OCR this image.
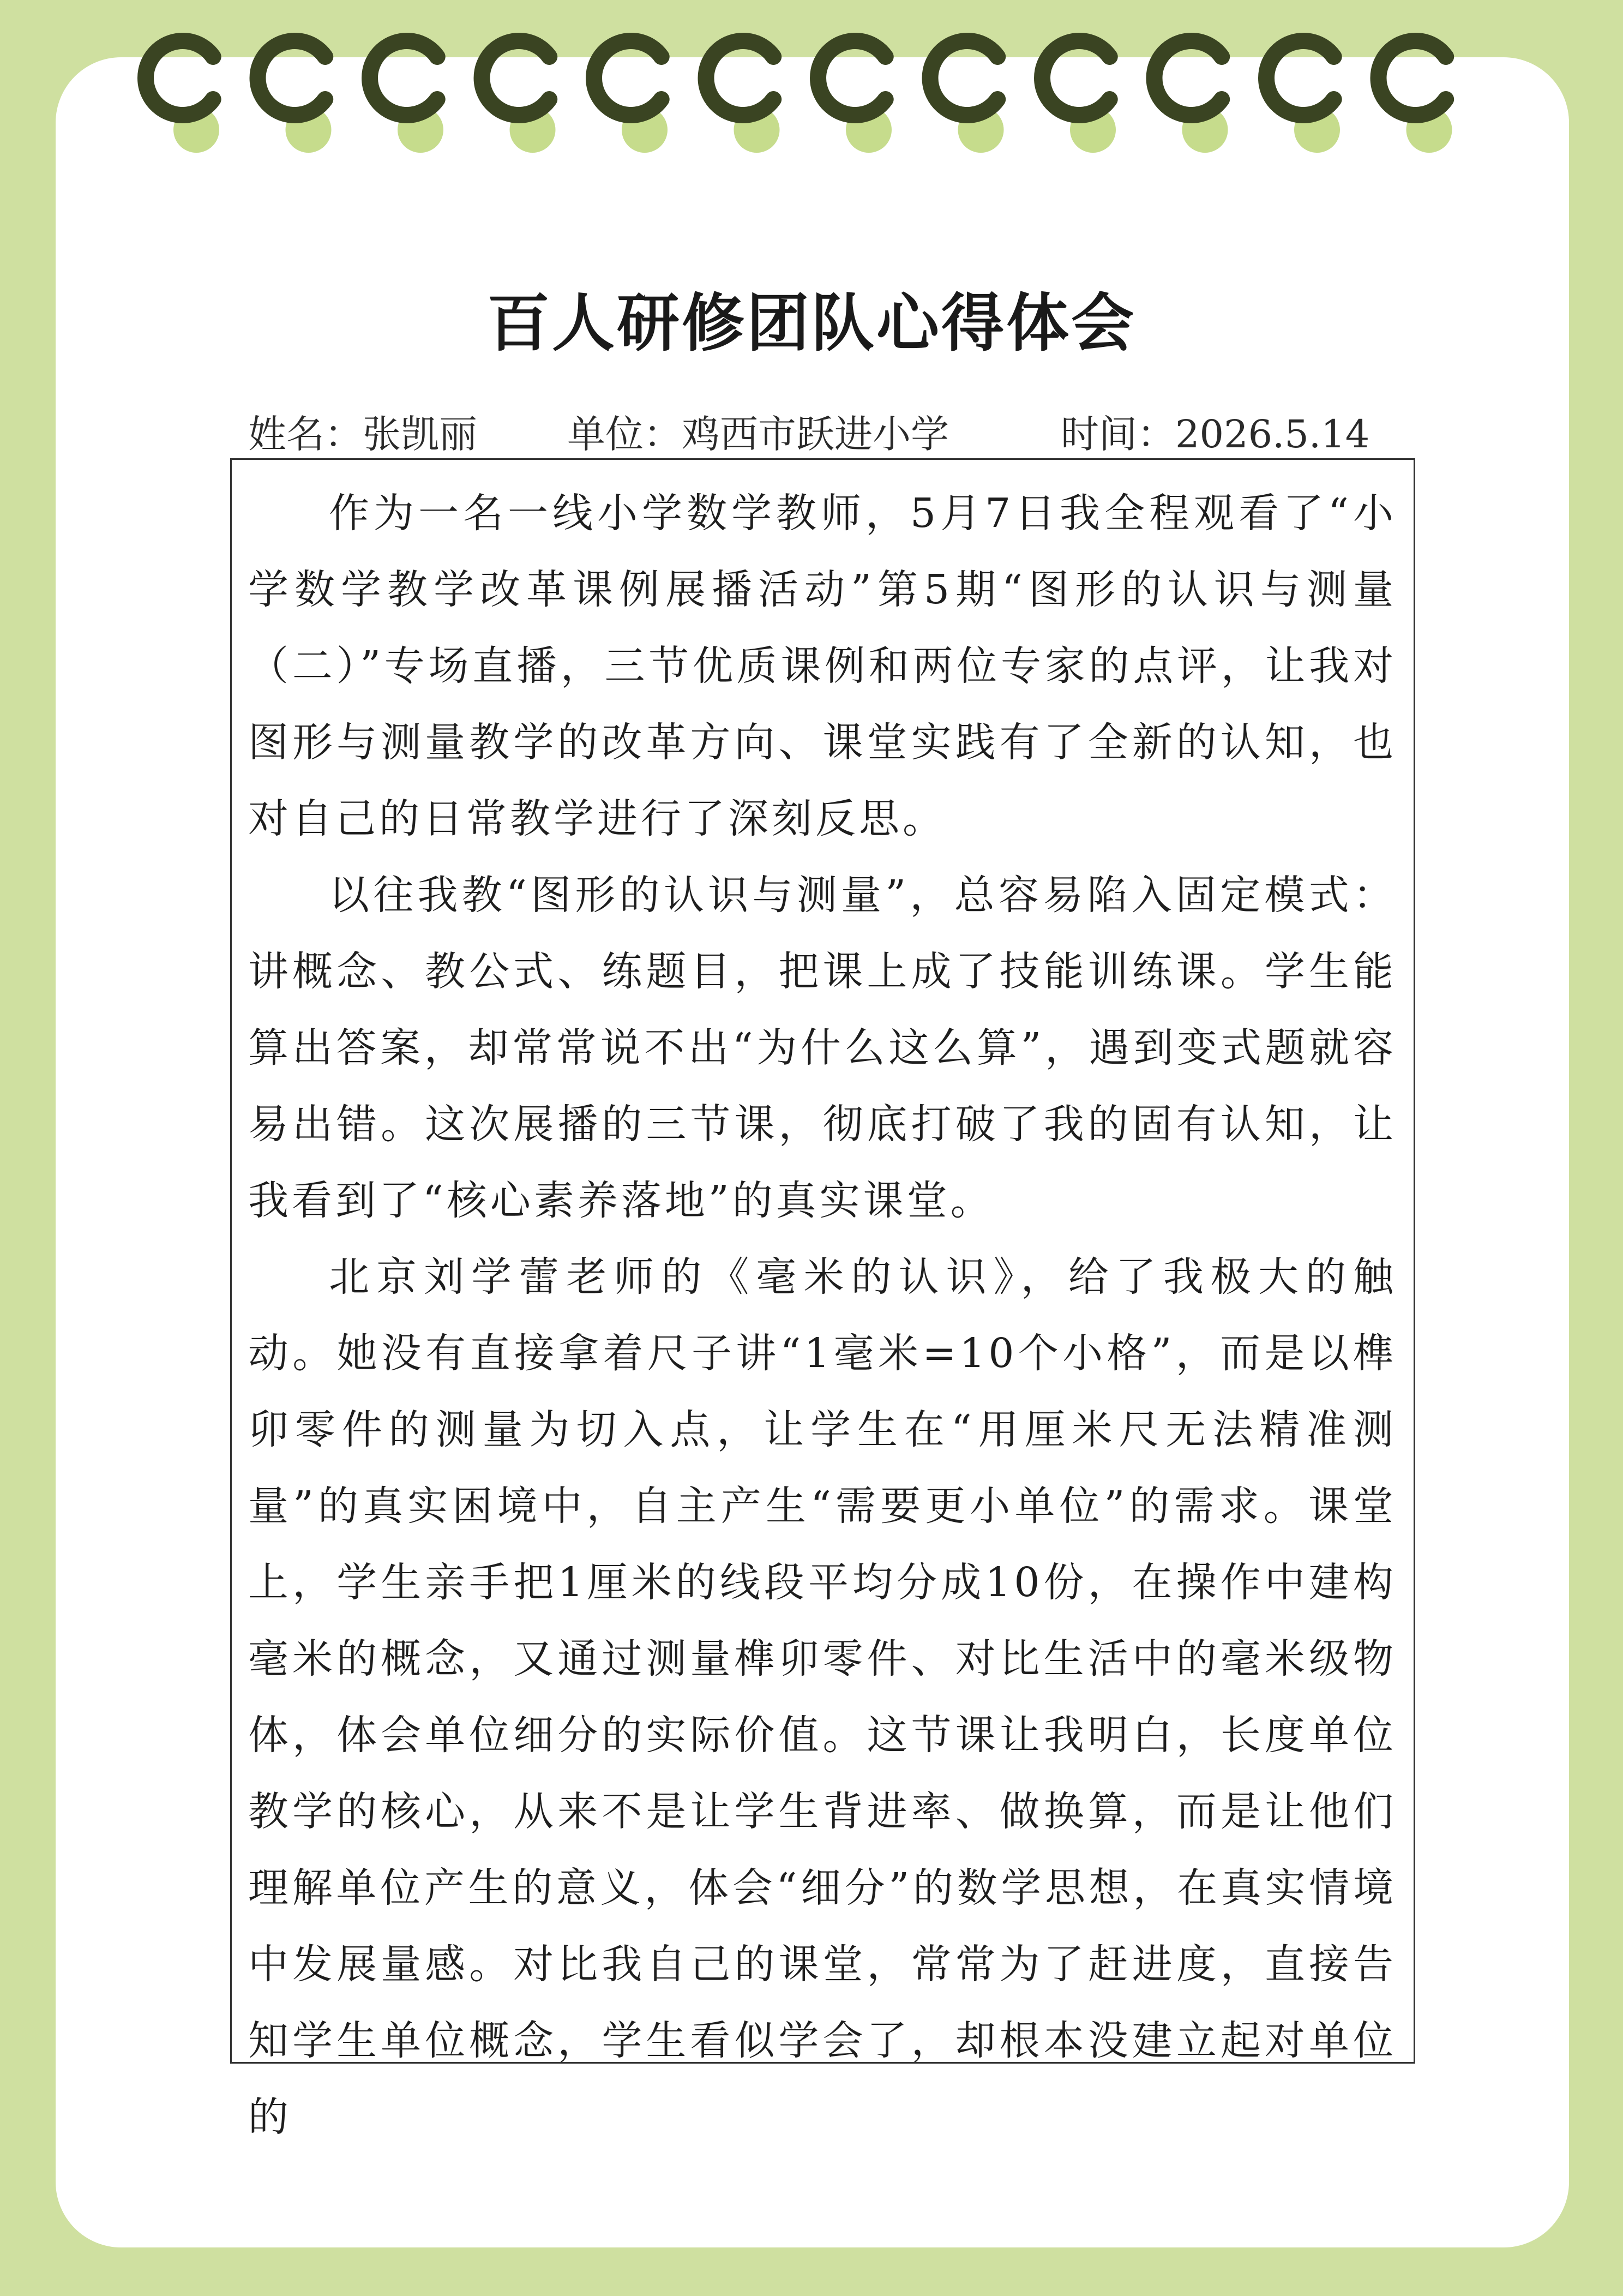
百人研修团队心得体会
姓名：张凯丽 单位：鸡西市跃进小学	时间：2026.5.14

作为一名一线小学数学教师，5月7日我全程观看了“小学数学教学改革课例展播活动”第5期“图形的认识与测量（二）”专场直播，三节优质课例和两位专家的点评，让我对图形与测量教学的改革方向、课堂实践有了全新的认知，也对自己的日常教学进行了深刻反思。

以往我教“图形的认识与测量”，总容易陷入固定模式：讲概念、教公式、练题目，把课上成了技能训练课。学生能算出答案，却常常说不出“为什么这么算”，遇到变式题就容易出错。这次展播的三节课，彻底打破了我的固有认知，让我看到了“核心素养落地”的真实课堂。

北京刘学蕾老师的《毫米的认识》，给了我极大的触动。她没有直接拿着尺子讲“1毫米=10个小格”，而是以榫卯零件的测量为切入点，让学生在“用厘米尺无法精准测量”的真实困境中，自主产生“需要更小单位”的需求。课堂上，学生亲手把1厘米的线段平均分成10份，在操作中建构毫米的概念，又通过测量榫卯零件、对比生活中的毫米级物体，体会单位细分的实际价值。这节课让我明白，长度单位教学的核心，从来不是让学生背进率、做换算，而是让他们理解单位产生的意义，体会“细分”的数学思想，在真实情境中发展量感。对比我自己的课堂，常常为了赶进度，直接告知学生单位概念，学生看似学会了，却根本没建立起对单位的
